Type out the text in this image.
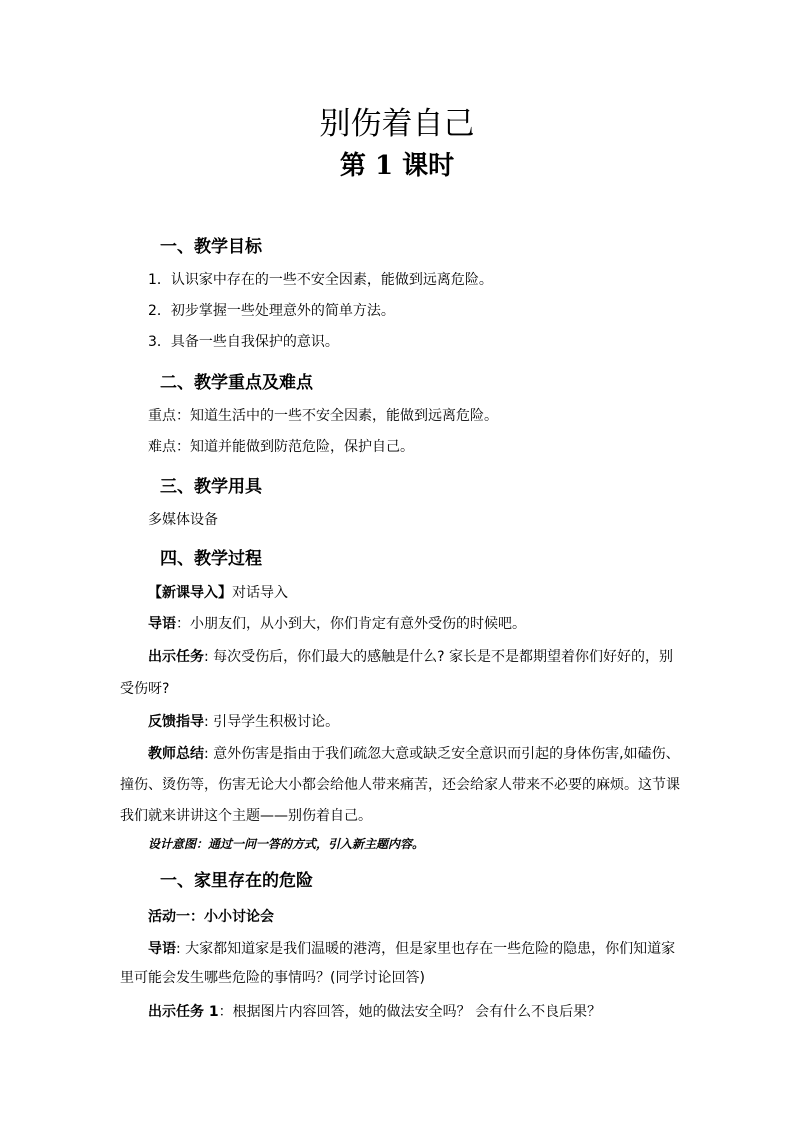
别伤着自己
第 1 课时
一、教学目标
1．认识家中存在的一些不安全因素，能做到远离危险。
2．初步掌握一些处理意外的简单方法。
3．具备一些自我保护的意识。
二、教学重点及难点
重点：知道生活中的一些不安全因素，能做到远离危险。
难点：知道并能做到防范危险，保护自己。
三、教学用具
多媒体设备
四、教学过程
【新课导入】对话导入
导语：小朋友们，从小到大，你们肯定有意外受伤的时候吧。
出示任务: 每次受伤后，你们最大的感触是什么? 家长是不是都期望着你们好好的，别
受伤呀?
反馈指导: 引导学生积极讨论。
教师总结: 意外伤害是指由于我们疏忽大意或缺乏安全意识而引起的身体伤害,如磕伤、
撞伤、烫伤等，伤害无论大小都会给他人带来痛苦，还会给家人带来不必要的麻烦。这节课
我们就来讲讲这个主题——别伤着自己。
设计意图：通过一问一答的方式，引入新主题内容。
一、家里存在的危险
活动一：小小讨论会
导语: 大家都知道家是我们温暖的港湾，但是家里也存在一些危险的隐患，你们知道家
里可能会发生哪些危险的事情吗？(同学讨论回答)
出示任务 1：根据图片内容回答，她的做法安全吗？ 会有什么不良后果？
